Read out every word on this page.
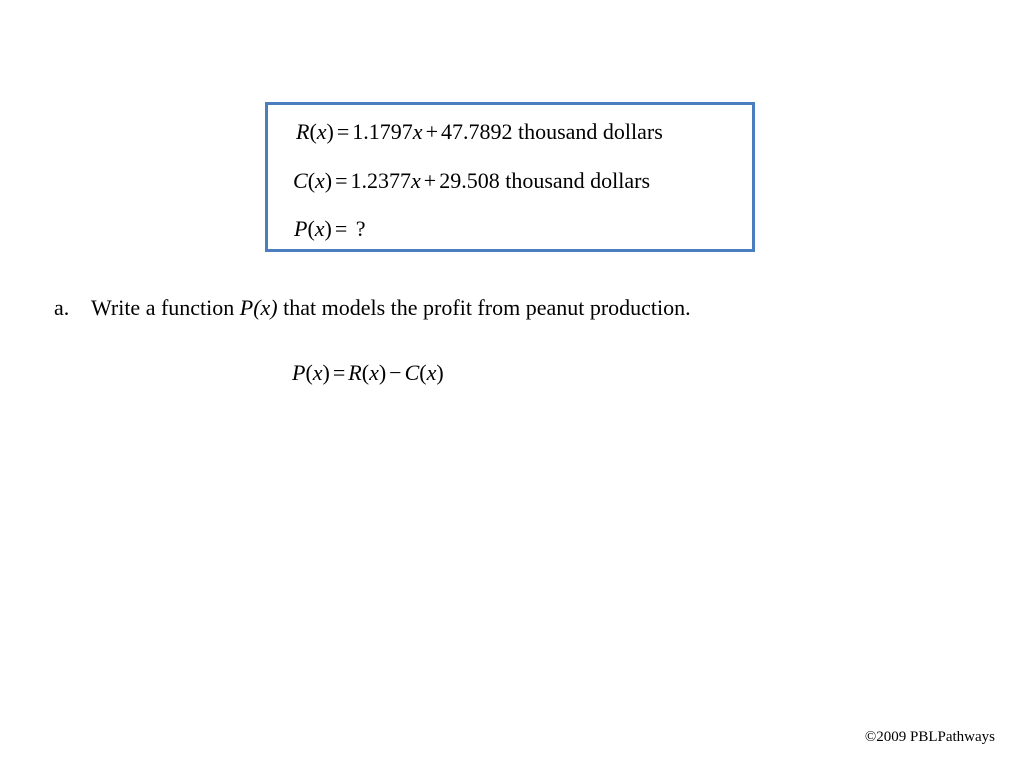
R(x) = 1.1797x + 47.7892 thousand dollars
C(x) = 1.2377x + 29.508 thousand dollars
P(x) = ?
a. Write a function P(x) that models the profit from peanut production.
P(x) = R(x) − C(x)
©2009 PBLPathways
